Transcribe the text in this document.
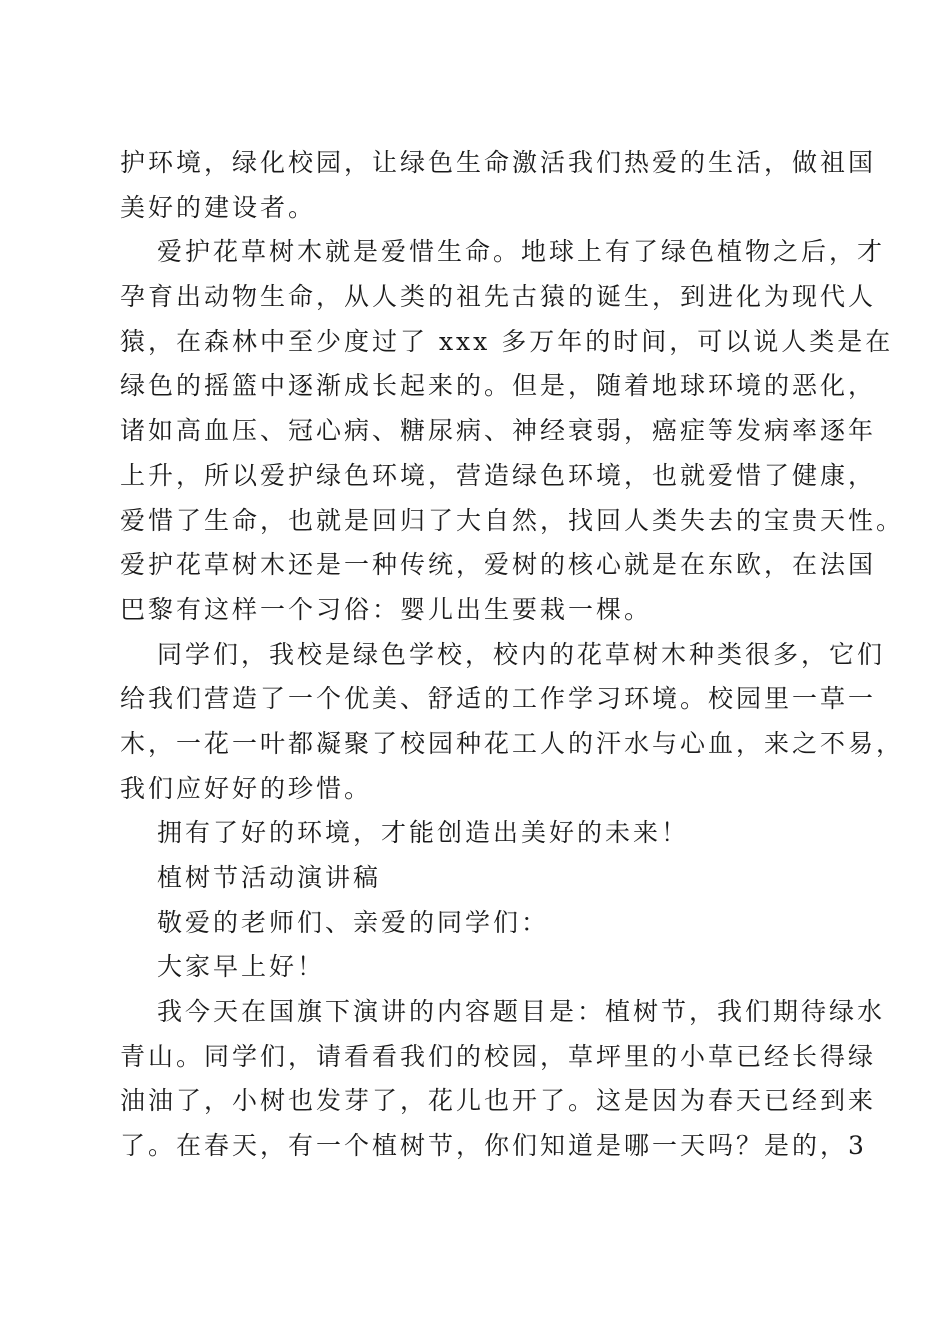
护环境，绿化校园，让绿色生命激活我们热爱的生活，做祖国
美好的建设者。
爱护花草树木就是爱惜生命。地球上有了绿色植物之后，才
孕育出动物生命，从人类的祖先古猿的诞生，到进化为现代人
猿，在森林中至少度过了 xxx 多万年的时间，可以说人类是在
绿色的摇篮中逐渐成长起来的。但是，随着地球环境的恶化，
诸如高血压、冠心病、糖尿病、神经衰弱，癌症等发病率逐年
上升，所以爱护绿色环境，营造绿色环境，也就爱惜了健康，
爱惜了生命，也就是回归了大自然，找回人类失去的宝贵天性。
爱护花草树木还是一种传统，爱树的核心就是在东欧，在法国
巴黎有这样一个习俗：婴儿出生要栽一棵。
同学们，我校是绿色学校，校内的花草树木种类很多，它们
给我们营造了一个优美、舒适的工作学习环境。校园里一草一
木，一花一叶都凝聚了校园种花工人的汗水与心血，来之不易，
我们应好好的珍惜。
拥有了好的环境，才能创造出美好的未来！
植树节活动演讲稿
敬爱的老师们、亲爱的同学们：
大家早上好！
我今天在国旗下演讲的内容题目是：植树节，我们期待绿水
青山。同学们，请看看我们的校园，草坪里的小草已经长得绿
油油了，小树也发芽了，花儿也开了。这是因为春天已经到来
了。在春天，有一个植树节，你们知道是哪一天吗？是的，3
